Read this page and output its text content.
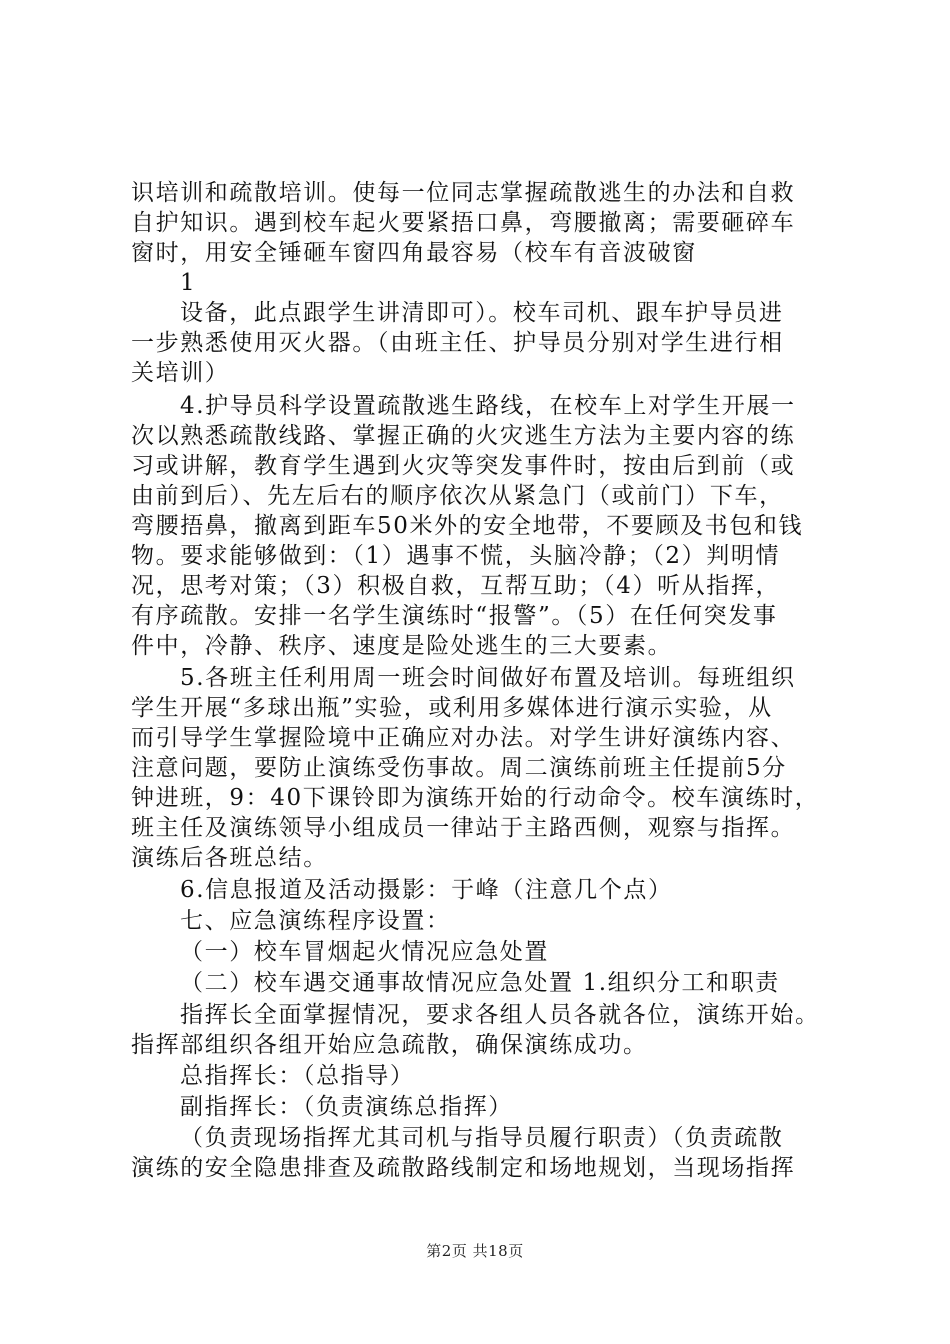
识培训和疏散培训。使每一位同志掌握疏散逃生的办法和自救
自护知识。遇到校车起火要紧捂口鼻，弯腰撤离；需要砸碎车
窗时，用安全锤砸车窗四角最容易（校车有音波破窗
1
设备，此点跟学生讲清即可）。校车司机、跟车护导员进
一步熟悉使用灭火器。（由班主任、护导员分别对学生进行相
关培训）
4.护导员科学设置疏散逃生路线，在校车上对学生开展一
次以熟悉疏散线路、掌握正确的火灾逃生方法为主要内容的练
习或讲解，教育学生遇到火灾等突发事件时，按由后到前（或
由前到后）、先左后右的顺序依次从紧急门（或前门）下车，
弯腰捂鼻，撤离到距车50米外的安全地带，不要顾及书包和钱
物。要求能够做到：（1）遇事不慌，头脑冷静；（2）判明情
况，思考对策；（3）积极自救，互帮互助；（4）听从指挥，
有序疏散。安排一名学生演练时“报警”。（5）在任何突发事
件中，冷静、秩序、速度是险处逃生的三大要素。
5.各班主任利用周一班会时间做好布置及培训。每班组织
学生开展“多球出瓶”实验，或利用多媒体进行演示实验，从
而引导学生掌握险境中正确应对办法。对学生讲好演练内容、
注意问题，要防止演练受伤事故。周二演练前班主任提前5分
钟进班，9：40下课铃即为演练开始的行动命令。校车演练时，
班主任及演练领导小组成员一律站于主路西侧，观察与指挥。
演练后各班总结。
6.信息报道及活动摄影：于峰（注意几个点）
七、应急演练程序设置：
（一）校车冒烟起火情况应急处置
（二）校车遇交通事故情况应急处置 1.组织分工和职责
指挥长全面掌握情况，要求各组人员各就各位，演练开始。
指挥部组织各组开始应急疏散，确保演练成功。
总指挥长：（总指导）
副指挥长：（负责演练总指挥）
（负责现场指挥尤其司机与指导员履行职责）（负责疏散
演练的安全隐患排查及疏散路线制定和场地规划，当现场指挥
第2页 共18页
